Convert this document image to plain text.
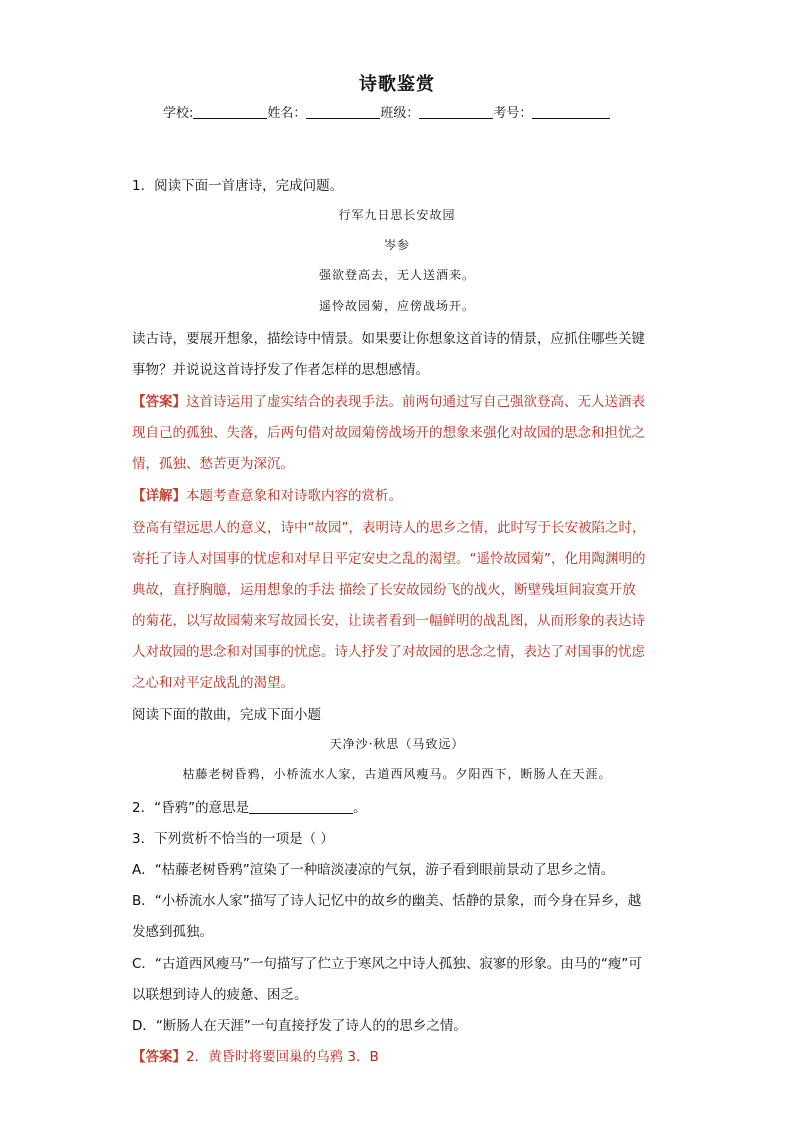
诗歌鉴赏
学校:	姓名：	班级：	考号：
1．阅读下面一首唐诗，完成问题。
行军九日思长安故园
岑参
强欲登高去，无人送酒来。
遥怜故园菊，应傍战场开。
读古诗，要展开想象，描绘诗中情景。如果要让你想象这首诗的情景，应抓住哪些关键
事物？并说说这首诗抒发了作者怎样的思想感情。
【答案】这首诗运用了虚实结合的表现手法。前两句通过写自己强欲登高、无人送酒表
现自己的孤独、失落，后两句借对故园菊傍战场开的想象来强化对故园的思念和担忧之
情，孤独、愁苦更为深沉。
【详解】本题考查意象和对诗歌内容的赏析。
登高有望远思人的意义，诗中“故园”，表明诗人的思乡之情，此时写于长安被陷之时，
寄托了诗人对国事的忧虑和对早日平定安史之乱的渴望。“遥怜故园菊”，化用陶渊明的
典故，直抒胸臆，运用想象的手法 描绘了长安故园纷飞的战火，断壁残垣间寂寞开放
的菊花，以写故园菊来写故园长安，让读者看到一幅鲜明的战乱图，从而形象的表达诗
人对故园的思念和对国事的忧虑。诗人抒发了对故园的思念之情，表达了对国事的忧虑
之心和对平定战乱的渴望。
阅读下面的散曲，完成下面小题
天净沙·秋思（马致远）
枯藤老树昏鸦，小桥流水人家，古道西风瘦马。夕阳西下，断肠人在天涯。
2．“昏鸦”的意思是	。
3．下列赏析不恰当的一项是（ ）
A．“枯藤老树昏鸦”渲染了一种暗淡凄凉的气氛，游子看到眼前景动了思乡之情。
B．“小桥流水人家”描写了诗人记忆中的故乡的幽美、恬静的景象，而今身在异乡，越
发感到孤独。
C．“古道西风瘦马”一句描写了伫立于寒风之中诗人孤独、寂寥的形象。由马的“瘦”可
以联想到诗人的疲惫、困乏。
D．“断肠人在天涯”一句直接抒发了诗人的的思乡之情。
【答案】2．黄昏时将要回巢的乌鸦 3．B
